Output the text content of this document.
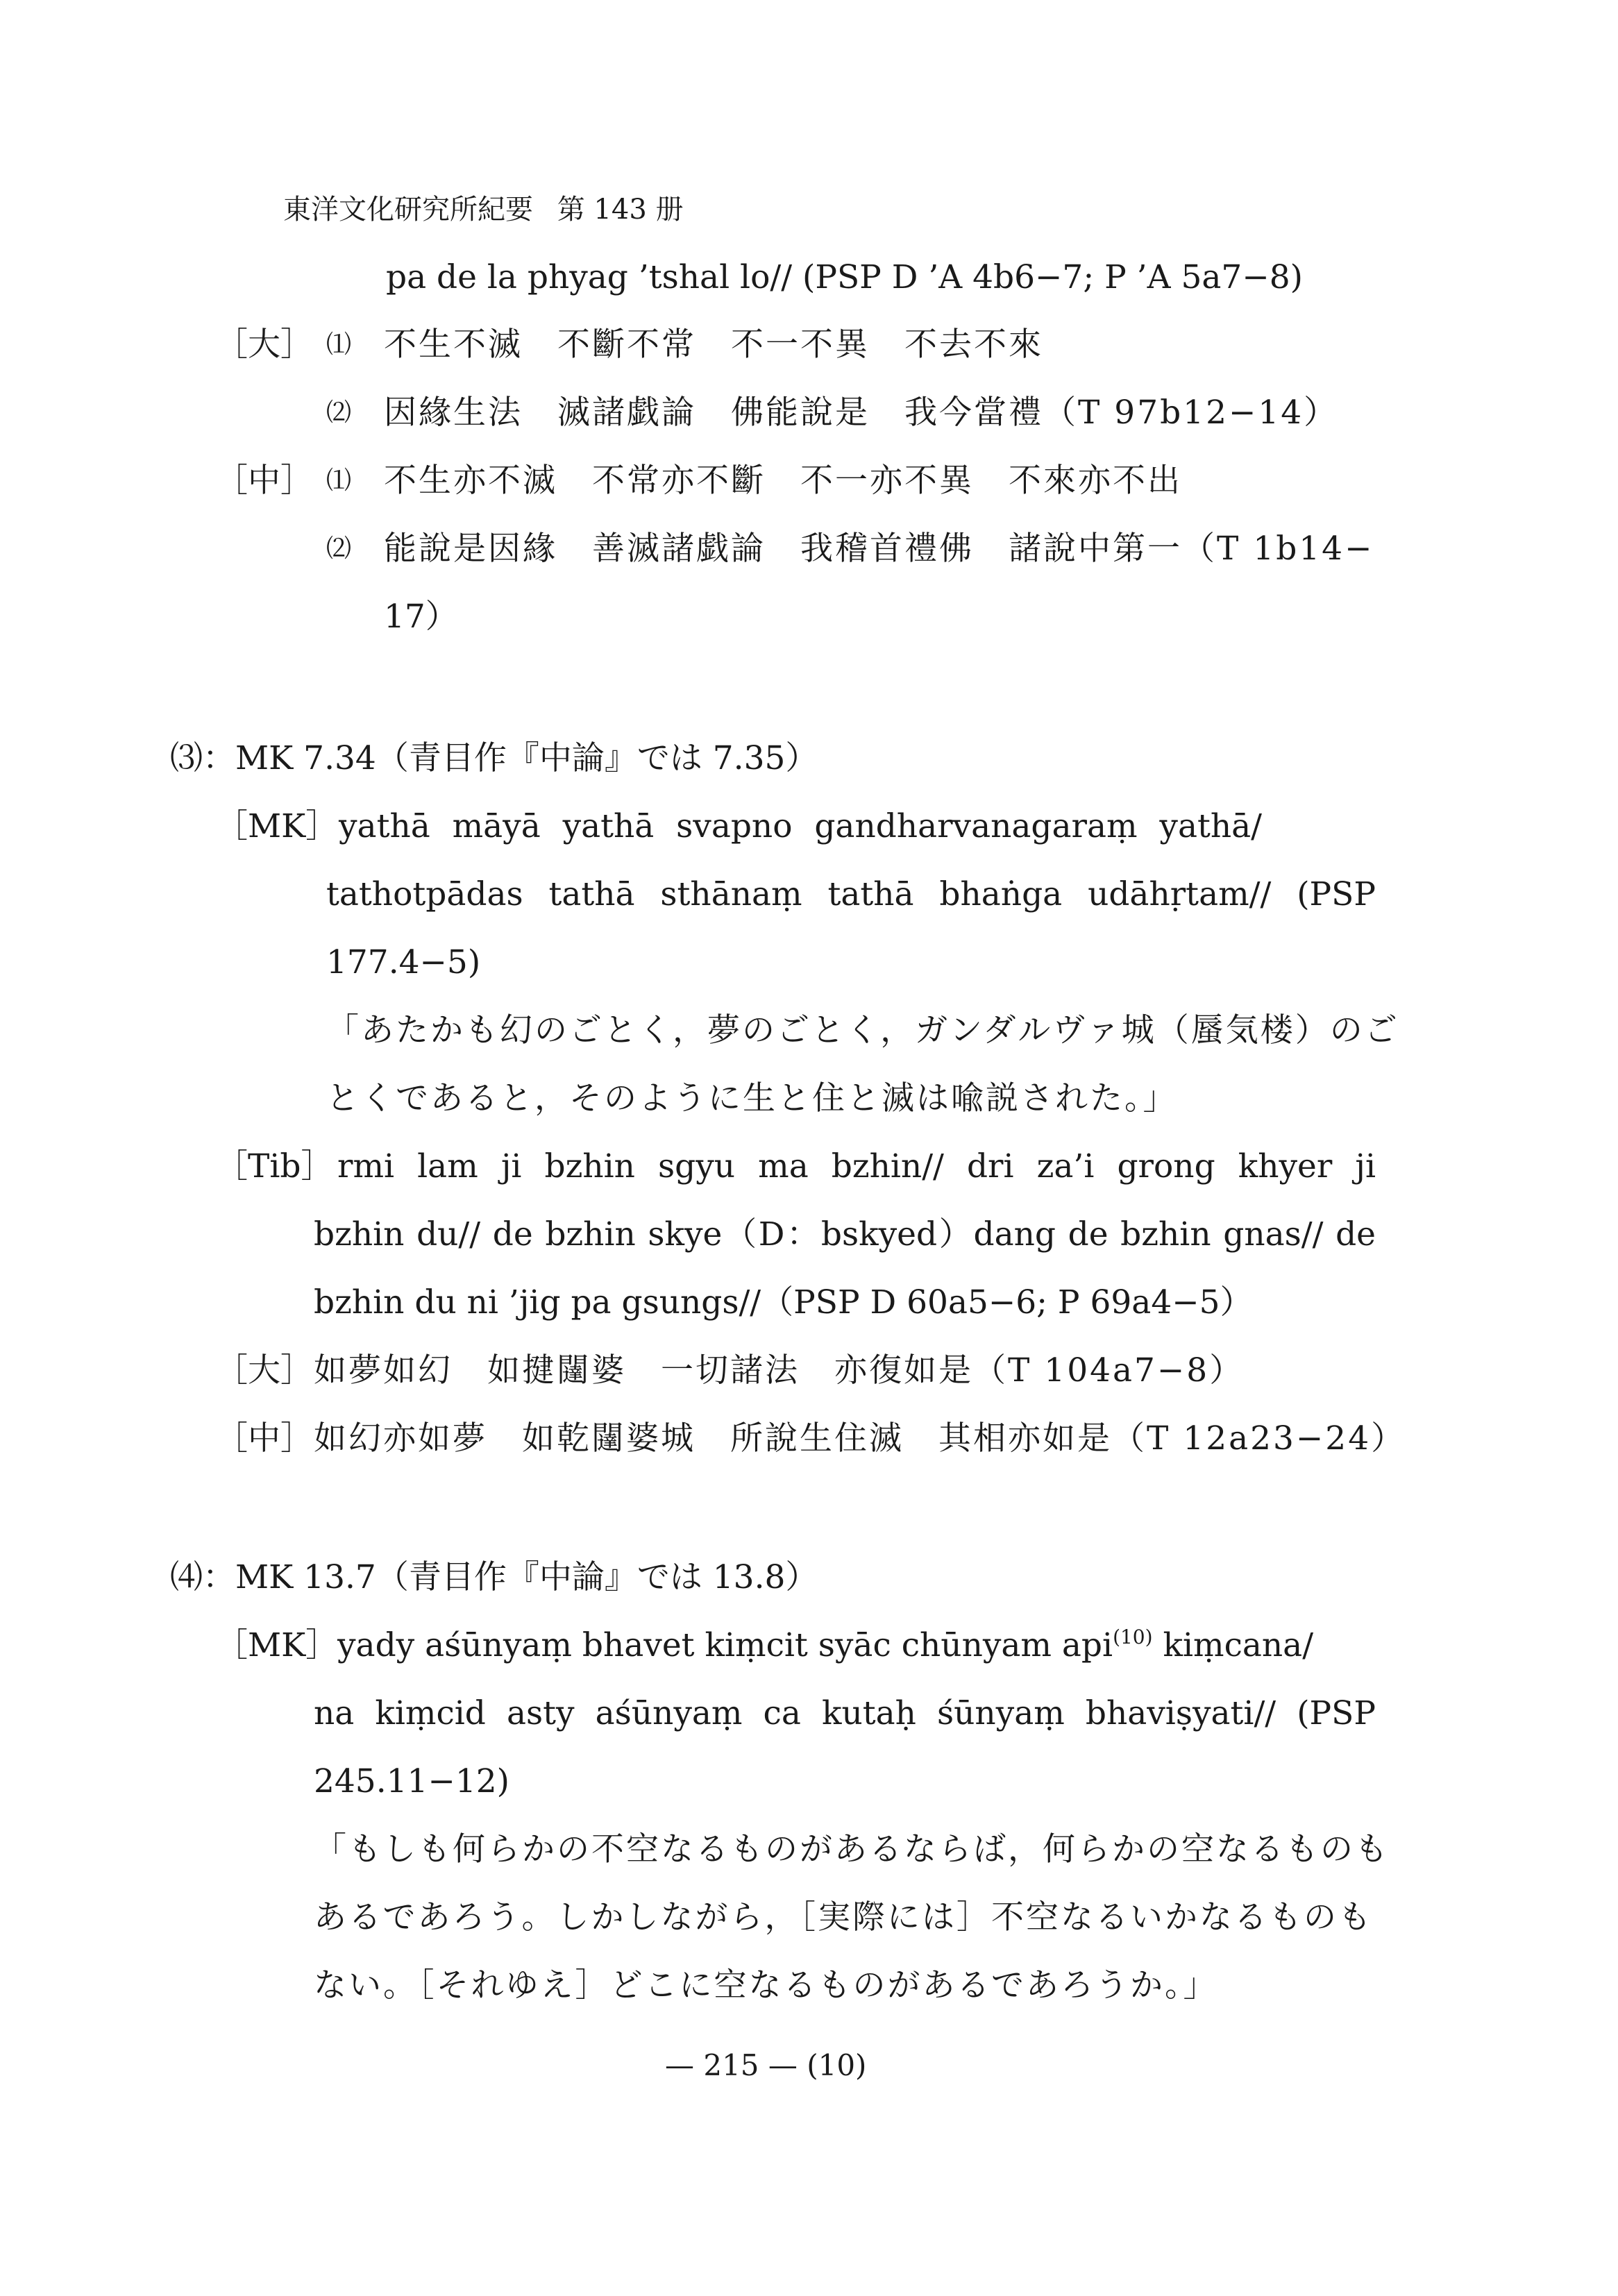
東洋文化研究所紀要 第 143 册
pa de la phyag ’tshal lo// (PSP D ’A 4b6−7; P ’A 5a7−8)
［大］ ⑴ 不生不滅　不斷不常　不一不異　不去不來
⑵ 因緣生法　滅諸戯論　佛能說是　我今當禮（T 97b12−14）
［中］ ⑴ 不生亦不滅　不常亦不斷　不一亦不異　不來亦不出
⑵ 能說是因緣　善滅諸戯論　我稽首禮佛　諸說中第一（T 1b14−
17）
⑶：MK 7.34（青目作『中論』では 7.35）
［MK］ yathā māyā yathā svapno gandharvanagaraṃ yathā/
tathotpādas tathā sthānaṃ tathā bhaṅga udāhṛtam// (PSP
177.4−5)
「あたかも幻のごとく，夢のごとく，ガンダルヴァ城（蜃気楼）のご
とくであると，そのように生と住と滅は喩説された。」
［Tib］ rmi lam ji bzhin sgyu ma bzhin// dri za’i grong khyer ji
bzhin du// de bzhin skye（D：bskyed）dang de bzhin gnas// de
bzhin du ni ’jig pa gsungs//（PSP D 60a5−6; P 69a4−5）
［大］ 如夢如幻　如揵闥婆　一切諸法　亦復如是（T 104a7−8）
［中］ 如幻亦如夢　如乾闥婆城　所說生住滅　其相亦如是（T 12a23−24）
⑷：MK 13.7（青目作『中論』では 13.8）
［MK］
yady aśūnyaṃ bhavet kiṃcit syāc chūnyam api$^{(10)}$ kiṃcana/
na kiṃcid asty aśūnyaṃ ca kutaḥ śūnyaṃ bhaviṣyati// (PSP
245.11−12)
「もしも何らかの不空なるものがあるならば，何らかの空なるものも
あるであろう。しかしながら，［実際には］不空なるいかなるものも
ない。［それゆえ］どこに空なるものがあるであろうか。」
— 215 — (10)
